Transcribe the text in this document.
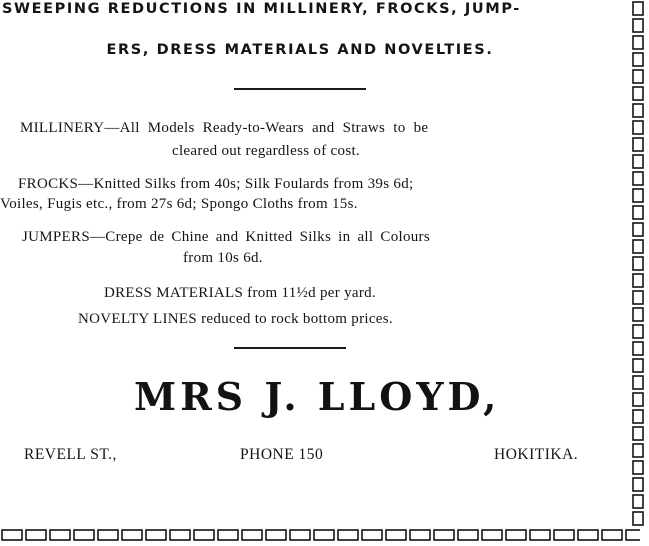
SWEEPING REDUCTIONS IN MILLINERY, FROCKS, JUMP-
ERS, DRESS MATERIALS AND NOVELTIES.
MILLINERY—All Models Ready-to-Wears and Straws to be
cleared out regardless of cost.
FROCKS—Knitted Silks from 40s; Silk Foulards from 39s 6d;
Voiles, Fugis etc., from 27s 6d; Spongo Cloths from 15s.
JUMPERS—Crepe de Chine and Knitted Silks in all Colours
from 10s 6d.
DRESS MATERIALS from 11½d per yard.
NOVELTY LINES reduced to rock bottom prices.
MRS J. LLOYD,
REVELL ST.,	PHONE 150	HOKITIKA.
